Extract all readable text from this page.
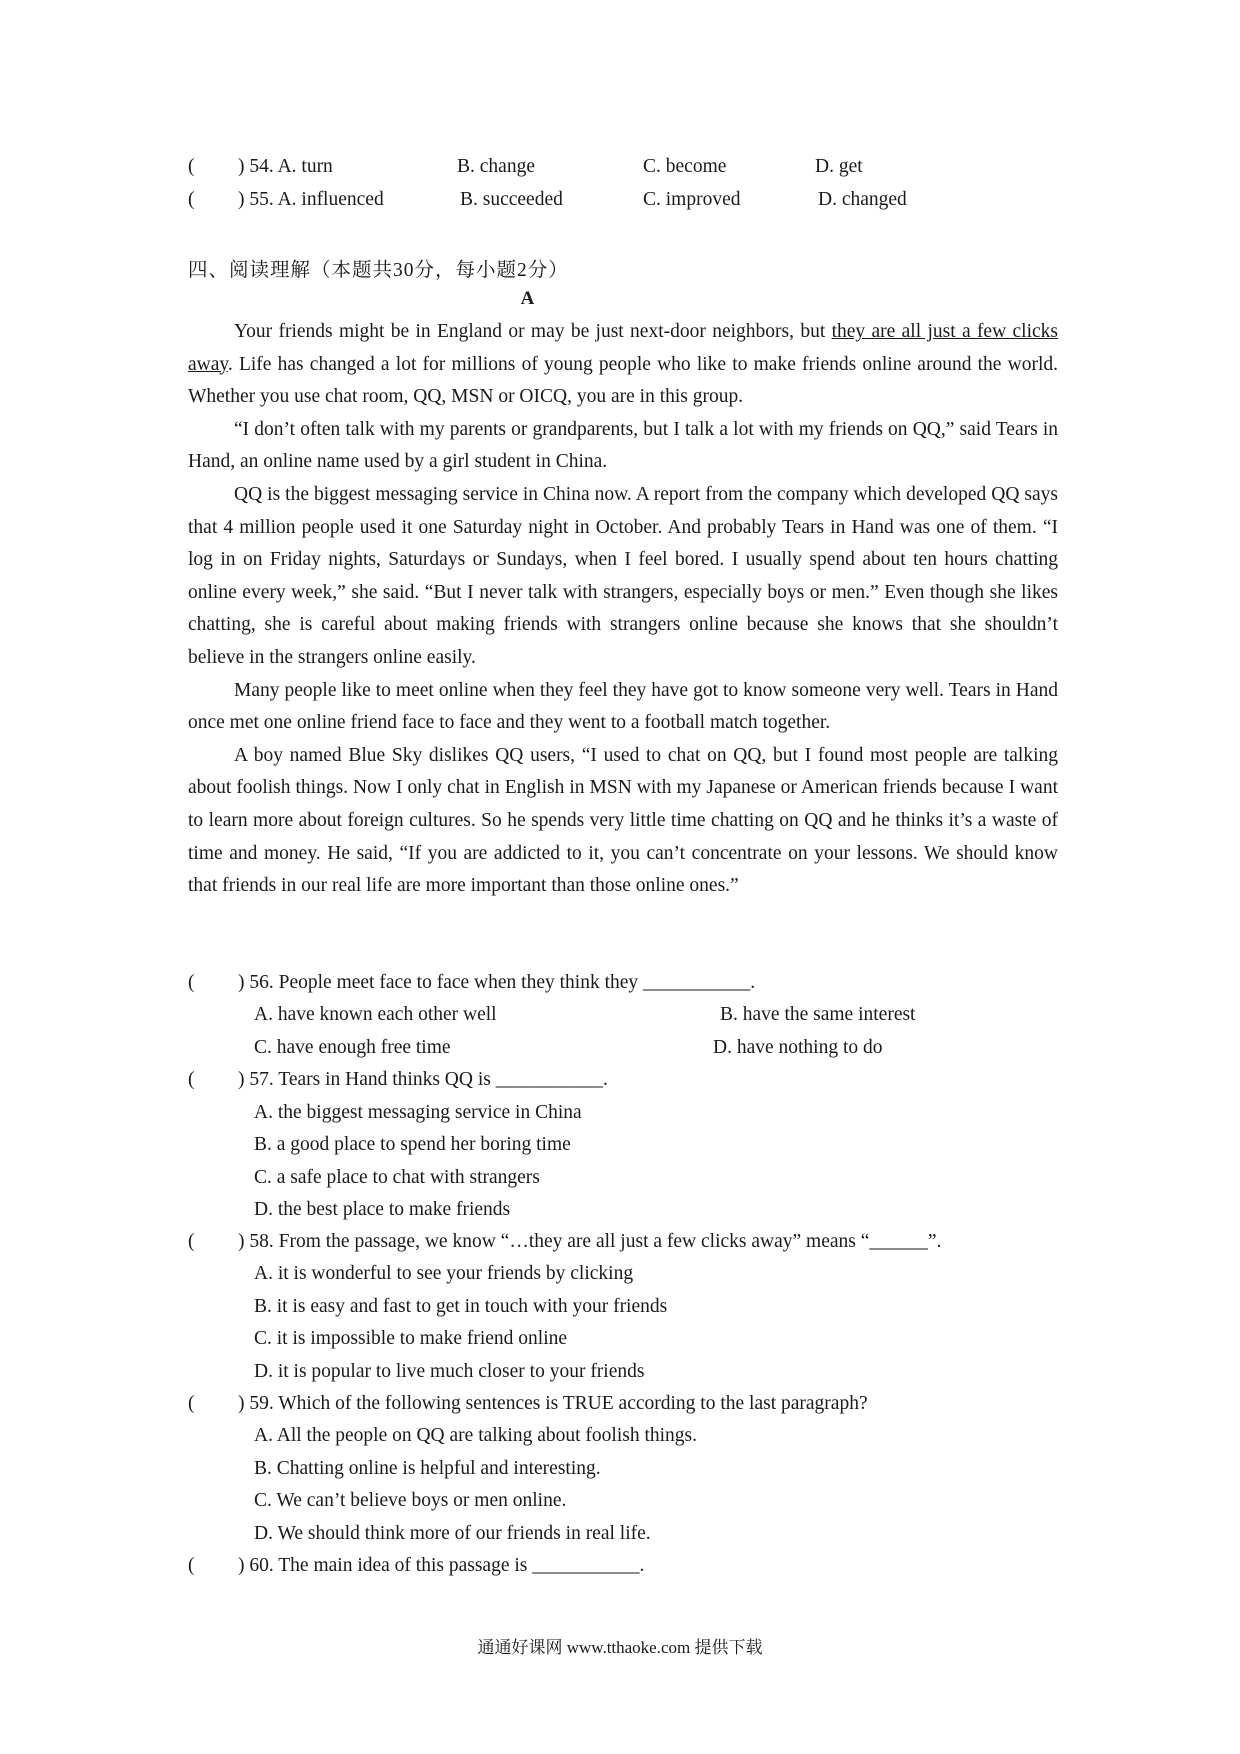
( ) 54. A. turn	B. change	C. become	D. get
( ) 55. A. influenced	B. succeeded	C. improved	D. changed
四、阅读理解（本题共30分，每小题2分）
A

Your friends might be in England or may be just next-door neighbors, but they are all just a few clicks away. Life has changed a lot for millions of young people who like to make friends online around the world. Whether you use chat room, QQ, MSN or OICQ, you are in this group.

“I don’t often talk with my parents or grandparents, but I talk a lot with my friends on QQ,” said Tears in Hand, an online name used by a girl student in China.

QQ is the biggest messaging service in China now. A report from the company which developed QQ says that 4 million people used it one Saturday night in October. And probably Tears in Hand was one of them. “I log in on Friday nights, Saturdays or Sundays, when I feel bored. I usually spend about ten hours chatting online every week,” she said. “But I never talk with strangers, especially boys or men.” Even though she likes chatting, she is careful about making friends with strangers online because she knows that she shouldn’t believe in the strangers online easily.

Many people like to meet online when they feel they have got to know someone very well. Tears in Hand once met one online friend face to face and they went to a football match together.

A boy named Blue Sky dislikes QQ users, “I used to chat on QQ, but I found most people are talking about foolish things. Now I only chat in English in MSN with my Japanese or American friends because I want to learn more about foreign cultures. So he spends very little time chatting on QQ and he thinks it’s a waste of time and money. He said, “If you are addicted to it, you can’t concentrate on your lessons. We should know that friends in our real life are more important than those online ones.”

( ) 56. People meet face to face when they think they ___________.
A. have known each other well	B. have the same interest
C. have enough free time	D. have nothing to do
( ) 57. Tears in Hand thinks QQ is ___________.
A. the biggest messaging service in China
B. a good place to spend her boring time
C. a safe place to chat with strangers
D. the best place to make friends
( ) 58. From the passage, we know “…they are all just a few clicks away” means “______”.
A. it is wonderful to see your friends by clicking
B. it is easy and fast to get in touch with your friends
C. it is impossible to make friend online
D. it is popular to live much closer to your friends
( ) 59. Which of the following sentences is TRUE according to the last paragraph?
A. All the people on QQ are talking about foolish things.
B. Chatting online is helpful and interesting.
C. We can’t believe boys or men online.
D. We should think more of our friends in real life.
( ) 60. The main idea of this passage is ___________.
通通好课网 www.tthaoke.com 提供下载
